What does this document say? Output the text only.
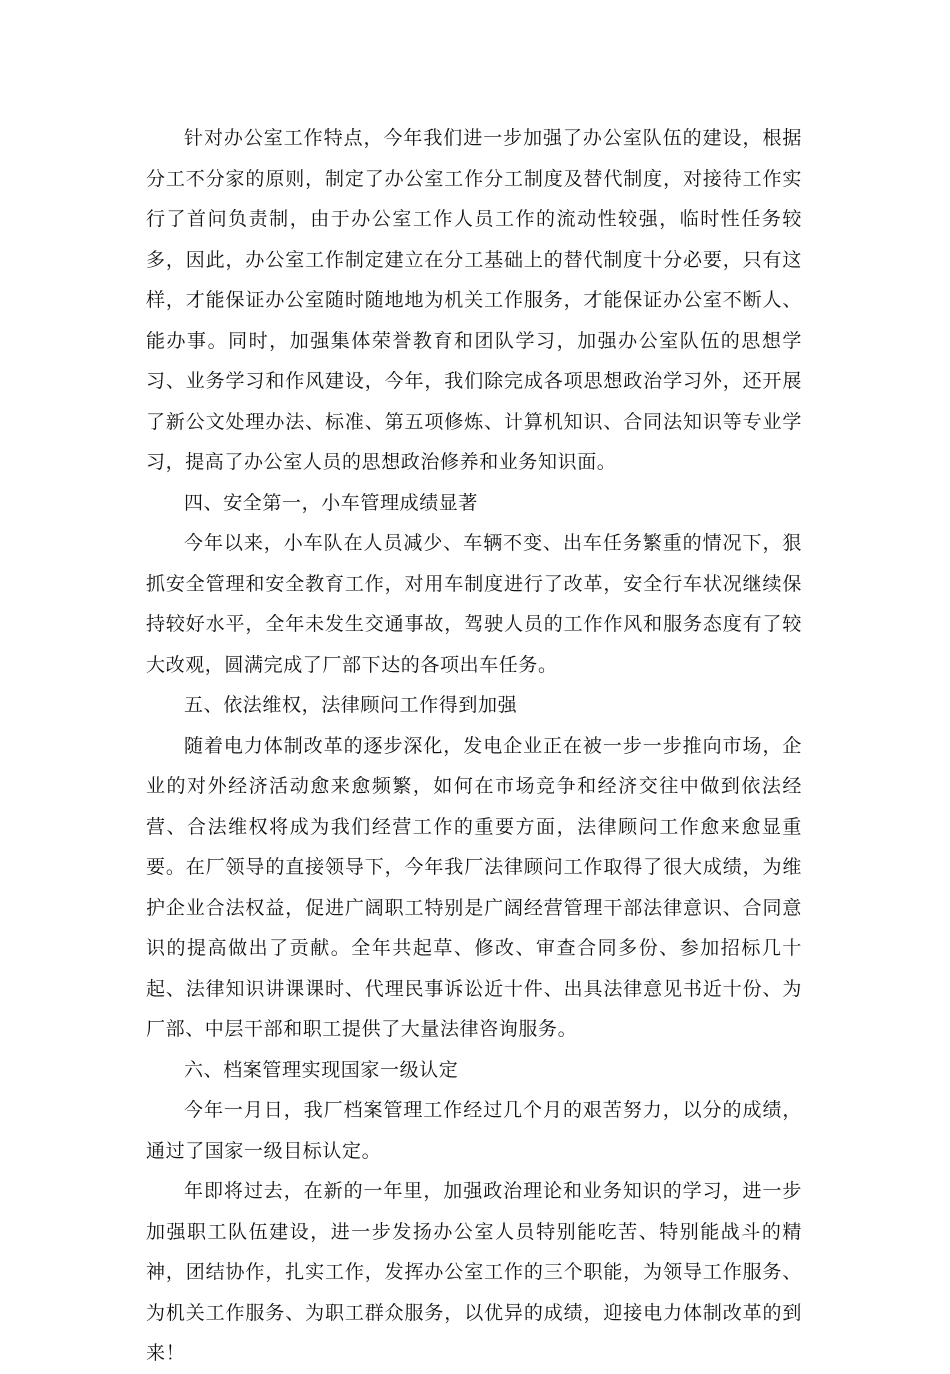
针对办公室工作特点，今年我们进一步加强了办公室队伍的建设，根据分工不分家的原则，制定了办公室工作分工制度及替代制度，对接待工作实行了首问负责制，由于办公室工作人员工作的流动性较强，临时性任务较多，因此，办公室工作制定建立在分工基础上的替代制度十分必要，只有这样，才能保证办公室随时随地地为机关工作服务，才能保证办公室不断人、能办事。同时，加强集体荣誉教育和团队学习，加强办公室队伍的思想学习、业务学习和作风建设，今年，我们除完成各项思想政治学习外，还开展了新公文处理办法、标准、第五项修炼、计算机知识、合同法知识等专业学习，提高了办公室人员的思想政治修养和业务知识面。

四、安全第一，小车管理成绩显著

今年以来，小车队在人员减少、车辆不变、出车任务繁重的情况下，狠抓安全管理和安全教育工作，对用车制度进行了改革，安全行车状况继续保持较好水平，全年未发生交通事故，驾驶人员的工作作风和服务态度有了较大改观，圆满完成了厂部下达的各项出车任务。

五、依法维权，法律顾问工作得到加强

随着电力体制改革的逐步深化，发电企业正在被一步一步推向市场，企业的对外经济活动愈来愈频繁，如何在市场竞争和经济交往中做到依法经营、合法维权将成为我们经营工作的重要方面，法律顾问工作愈来愈显重要。在厂领导的直接领导下，今年我厂法律顾问工作取得了很大成绩，为维护企业合法权益，促进广阔职工特别是广阔经营管理干部法律意识、合同意识的提高做出了贡献。全年共起草、修改、审查合同多份、参加招标几十起、法律知识讲课课时、代理民事诉讼近十件、出具法律意见书近十份、为厂部、中层干部和职工提供了大量法律咨询服务。

六、档案管理实现国家一级认定

今年一月日，我厂档案管理工作经过几个月的艰苦努力，以分的成绩，通过了国家一级目标认定。

年即将过去，在新的一年里，加强政治理论和业务知识的学习，进一步加强职工队伍建设，进一步发扬办公室人员特别能吃苦、特别能战斗的精神，团结协作，扎实工作，发挥办公室工作的三个职能，为领导工作服务、为机关工作服务、为职工群众服务，以优异的成绩，迎接电力体制改革的到来！
